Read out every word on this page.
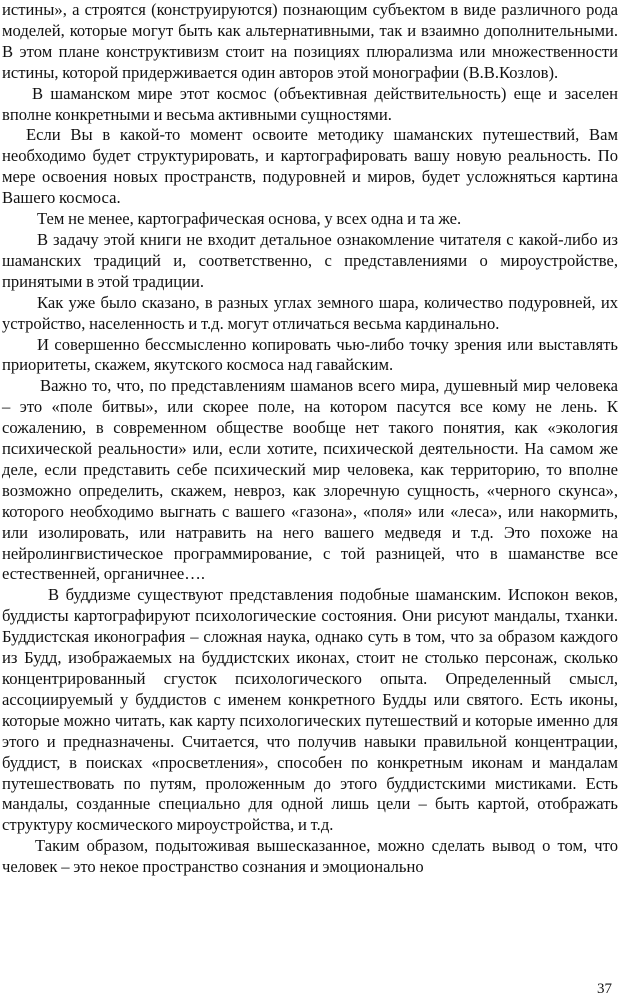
истины», а строятся (конструируются) познающим субъектом в виде различного рода моделей, которые могут быть как альтернативными, так и взаимно дополнительными. В этом плане конструктивизм стоит на позициях плюрализма или множественности истины, которой придерживается один авторов этой монографии (В.В.Козлов).

В шаманском мире этот космос (объективная действительность) еще и заселен вполне конкретными и весьма активными сущностями.

Если Вы в какой-то момент освоите методику шаманских путешествий, Вам необходимо будет структурировать, и картографировать вашу новую реальность. По мере освоения новых пространств, подуровней и миров, будет усложняться картина Вашего космоса.

Тем не менее, картографическая основа, у всех одна и та же.

В задачу этой книги не входит детальное ознакомление читателя с какой-либо из шаманских традиций и, соответственно, с представлениями о мироустройстве, принятыми в этой традиции.

Как уже было сказано, в разных углах земного шара, количество подуровней, их устройство, населенность и т.д. могут отличаться весьма кардинально.

И совершенно бессмысленно копировать чью-либо точку зрения или выставлять приоритеты, скажем, якутского космоса над гавайским.

Важно то, что, по представлениям шаманов всего мира, душевный мир человека – это «поле битвы», или скорее поле, на котором пасутся все кому не лень. К сожалению, в современном обществе вообще нет такого понятия, как «экология психической реальности» или, если хотите, психической деятельности. На самом же деле, если представить себе психический мир человека, как территорию, то вполне возможно определить, скажем, невроз, как злоречную сущность, «черного скунса», которого необходимо выгнать с вашего «газона», «поля» или «леса», или накормить, или изолировать, или натравить на него вашего медведя и т.д. Это похоже на нейролингвистическое программирование, с той разницей, что в шаманстве все естественней, органичнее….

В буддизме существуют представления подобные шаманским. Испокон веков, буддисты картографируют психологические состояния. Они рисуют мандалы, тханки. Буддистская иконография – сложная наука, однако суть в том, что за образом каждого из Будд, изображаемых на буддистских иконах, стоит не столько персонаж, сколько концентрированный сгусток психологического опыта. Определенный смысл, ассоциируемый у буддистов с именем конкретного Будды или святого. Есть иконы, которые можно читать, как карту психологических путешествий и которые именно для этого и предназначены. Считается, что получив навыки правильной концентрации, буддист, в поисках «просветления», способен по конкретным иконам и мандалам путешествовать по путям, проложенным до этого буддистскими мистиками. Есть мандалы, созданные специально для одной лишь цели – быть картой, отображать структуру космического мироустройства, и т.д.

Таким образом, подытоживая вышесказанное, можно сделать вывод о том, что человек – это некое пространство сознания и эмоционально

37
